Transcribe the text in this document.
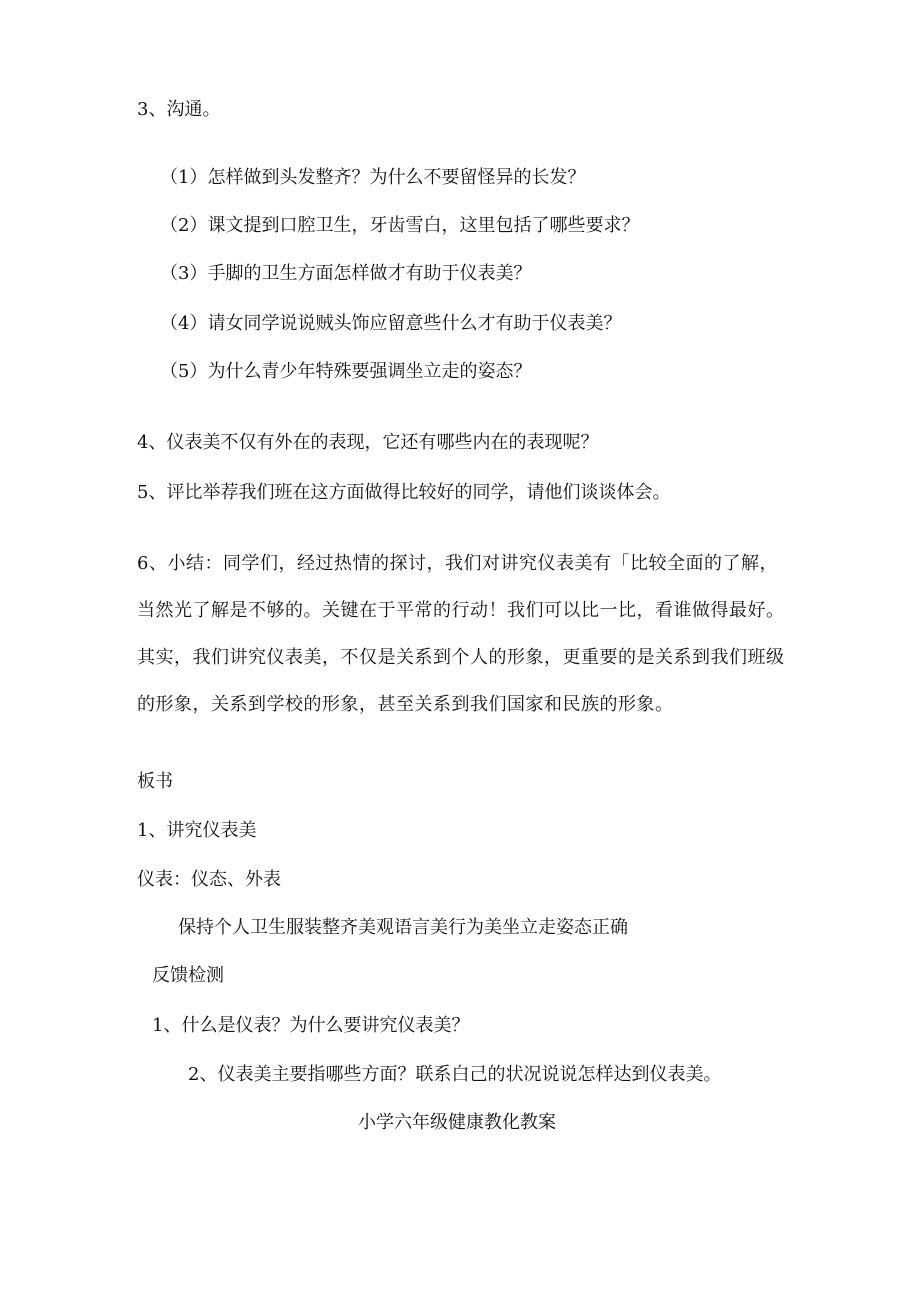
3、沟通。
（1）怎样做到头发整齐？为什么不要留怪异的长发？
（2）课文提到口腔卫生，牙齿雪白，这里包括了哪些要求？
（3）手脚的卫生方面怎样做才有助于仪表美？
（4）请女同学说说贼头饰应留意些什么才有助于仪表美？
（5）为什么青少年特殊要强调坐立走的姿态？
4、仪表美不仅有外在的表现，它还有哪些内在的表现呢？
5、评比举荐我们班在这方面做得比较好的同学，请他们谈谈体会。
6、小结：同学们，经过热情的探讨，我们对讲究仪表美有「比较全面的了解，当然光了解是不够的。关键在于平常的行动！我们可以比一比，看谁做得最好。其实，我们讲究仪表美，不仅是关系到个人的形象，更重要的是关系到我们班级的形象，关系到学校的形象，甚至关系到我们国家和民族的形象。
板书
1、讲究仪表美
仪表：仪态、外表
保持个人卫生服装整齐美观语言美行为美坐立走姿态正确
反馈检测
1、什么是仪表？为什么要讲究仪表美？
2、仪表美主要指哪些方面？联系白己的状况说说怎样达到仪表美。
小学六年级健康教化教案
